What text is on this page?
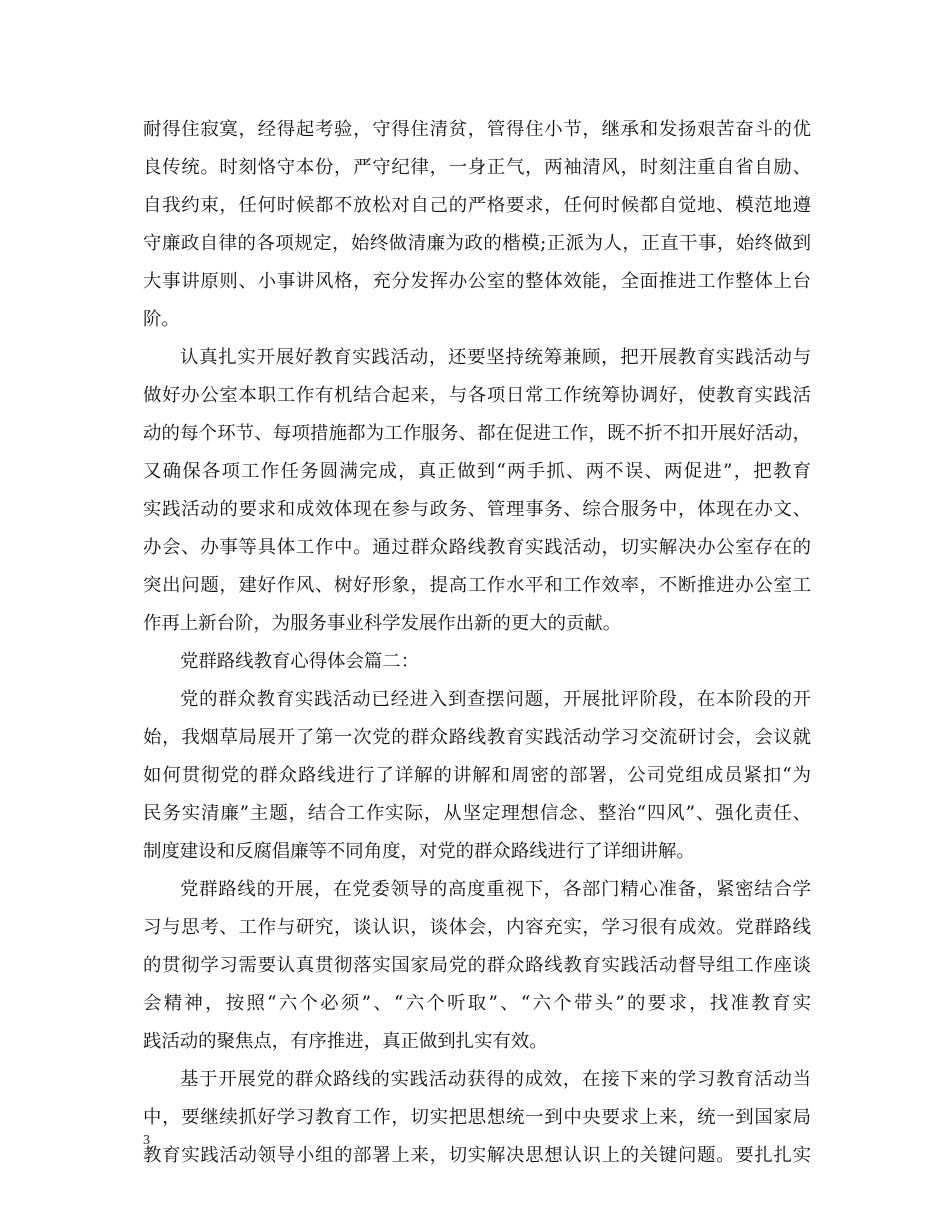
耐得住寂寞，经得起考验，守得住清贫，管得住小节，继承和发扬艰苦奋斗的优
良传统。时刻恪守本份，严守纪律，一身正气，两袖清风，时刻注重自省自励、
自我约束，任何时候都不放松对自己的严格要求，任何时候都自觉地、模范地遵
守廉政自律的各项规定，始终做清廉为政的楷模;正派为人，正直干事，始终做到
大事讲原则、小事讲风格，充分发挥办公室的整体效能，全面推进工作整体上台
阶。
认真扎实开展好教育实践活动，还要坚持统筹兼顾，把开展教育实践活动与
做好办公室本职工作有机结合起来，与各项日常工作统筹协调好，使教育实践活
动的每个环节、每项措施都为工作服务、都在促进工作，既不折不扣开展好活动，
又确保各项工作任务圆满完成，真正做到“两手抓、两不误、两促进”，把教育
实践活动的要求和成效体现在参与政务、管理事务、综合服务中，体现在办文、
办会、办事等具体工作中。通过群众路线教育实践活动，切实解决办公室存在的
突出问题，建好作风、树好形象，提高工作水平和工作效率，不断推进办公室工
作再上新台阶，为服务事业科学发展作出新的更大的贡献。
党群路线教育心得体会篇二：
党的群众教育实践活动已经进入到查摆问题，开展批评阶段，在本阶段的开
始，我烟草局展开了第一次党的群众路线教育实践活动学习交流研讨会，会议就
如何贯彻党的群众路线进行了详解的讲解和周密的部署，公司党组成员紧扣“为
民务实清廉”主题，结合工作实际，从坚定理想信念、整治“四风”、强化责任、
制度建设和反腐倡廉等不同角度，对党的群众路线进行了详细讲解。
党群路线的开展，在党委领导的高度重视下，各部门精心准备，紧密结合学
习与思考、工作与研究，谈认识，谈体会，内容充实，学习很有成效。党群路线
的贯彻学习需要认真贯彻落实国家局党的群众路线教育实践活动督导组工作座谈
会精神，按照“六个必须”、“六个听取”、“六个带头”的要求，找准教育实
践活动的聚焦点，有序推进，真正做到扎实有效。
基于开展党的群众路线的实践活动获得的成效，在接下来的学习教育活动当
中，要继续抓好学习教育工作，切实把思想统一到中央要求上来，统一到国家局
教育实践活动领导小组的部署上来，切实解决思想认识上的关键问题。要扎扎实
3
